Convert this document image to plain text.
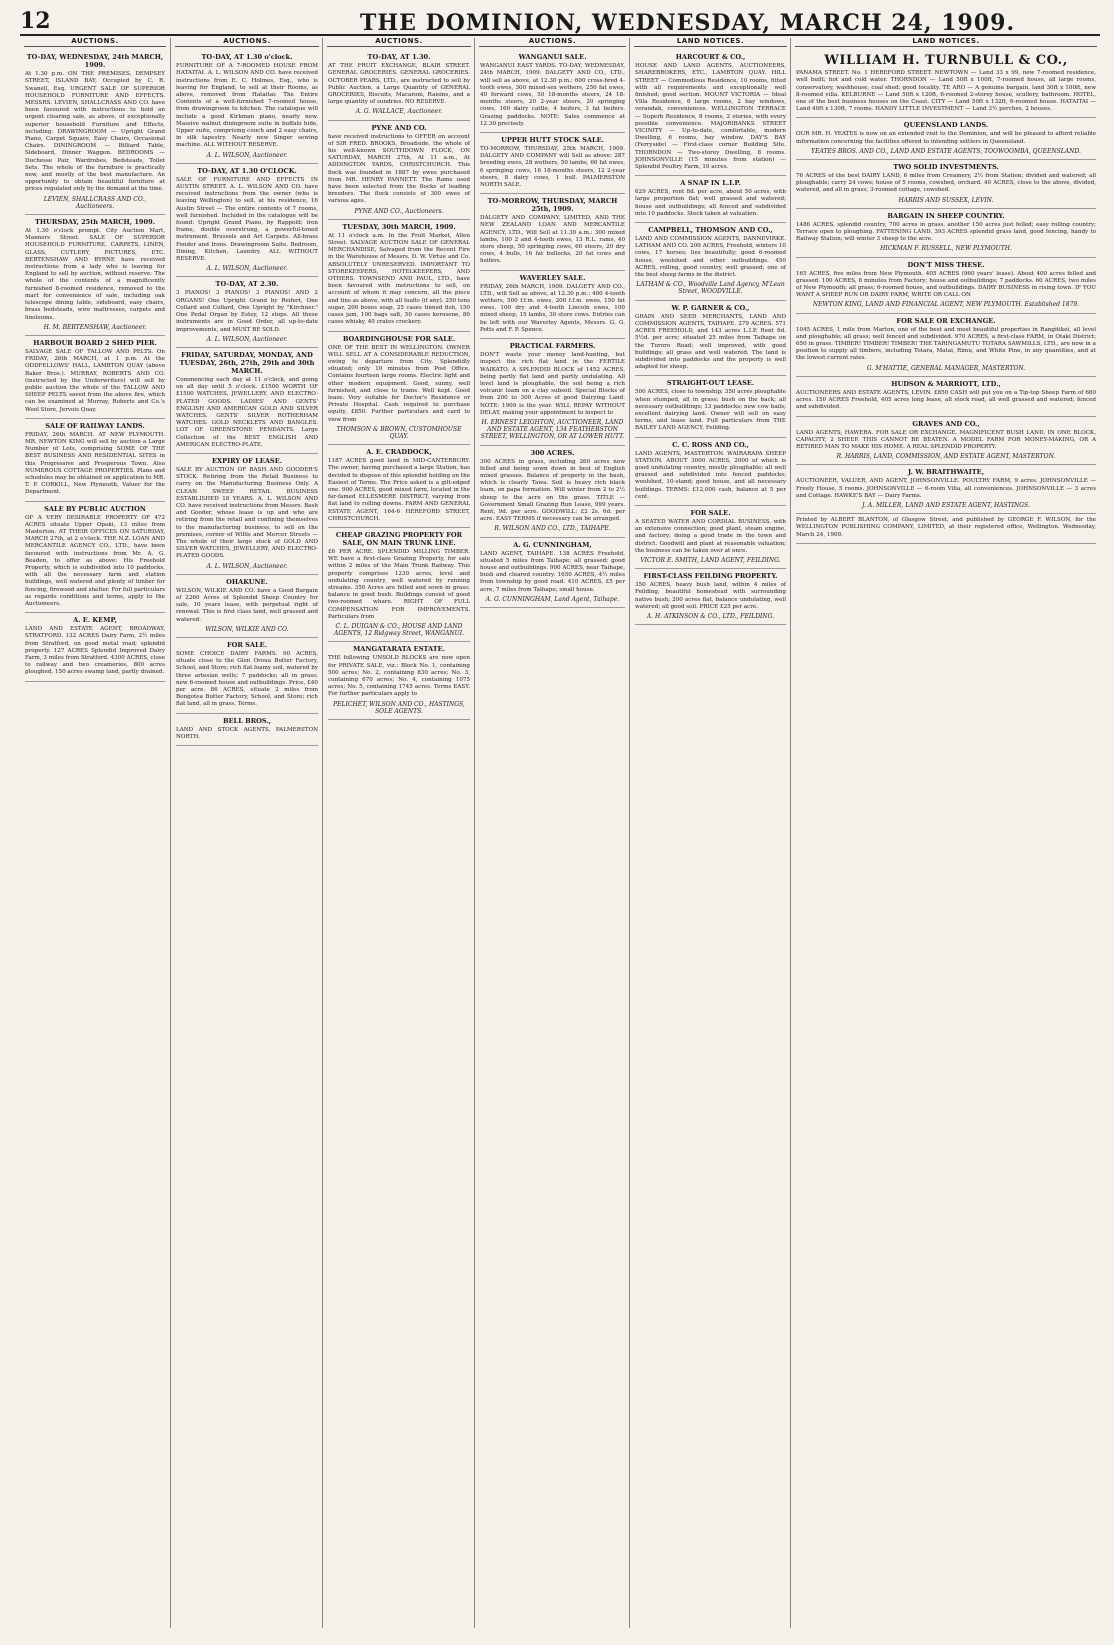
12	THE DOMINION, WEDNESDAY, MARCH 24, 1909.
AUCTIONS.
TO-DAY, WEDNESDAY, 24th MARCH, 1909.
At 1.30 p.m. ON THE PREMISES, DEMPSEY STREET, ISLAND BAY, Occupied by C. R. Swanell, Esq. URGENT SALE OF SUPERIOR HOUSEHOLD FURNITURE AND EFFECTS. MESSRS. LEVIEN, SHALLCRASS AND CO. have been favoured with instructions to hold an urgent clearing sale, as above, of exceptionally superior household Furniture and Effects, including: DRAWINGROOM — Upright Grand Piano, Carpet Square, Easy Chairs, Occasional Chairs. DININGROOM — Billiard Table, Sideboard, Dinner Waggon. BEDROOMS — Duchesse Pair, Wardrobes, Bedsteads, Toilet Sets. The whole of the furniture is practically new, and mostly of the best manufacture. An opportunity to obtain beautiful furniture at prices regulated only by the demand at the time.
LEVIEN, SHALLCRASS AND CO., Auctioneers.
THURSDAY, 25th MARCH, 1909.
At 1.30 o'clock prompt. City Auction Mart, Manners Street. SALE OF SUPERIOR HOUSEHOLD FURNITURE, CARPETS, LINEN, GLASS, CUTLERY, PICTURES, ETC. BERTENSHAW AND BYRNE have received instructions from a lady who is leaving for England to sell by auction, without reserve: The whole of the contents of a magnificently furnished 8-roomed residence, removed to the mart for convenience of sale, including oak telescope dining table, sideboard, easy chairs, brass bedsteads, wire mattresses, carpets and linoleums.
H. M. BERTENSHAW, Auctioneer.
HARBOUR BOARD 2 SHED PIER.
SALVAGE SALE OF TALLOW AND PELTS. On FRIDAY, 26th MARCH, at 1 p.m. At the ODDFELLOWS' HALL, LAMBTON QUAY (above Baker Bros.). MURRAY, ROBERTS AND CO. (instructed by the Underwriters) will sell by public auction the whole of the TALLOW AND SHEEP PELTS saved from the above fire, which can be examined at Murray, Roberts and Co.'s Wool Store, Jervois Quay.
SALE OF RAILWAY LANDS.
FRIDAY, 26th MARCH. AT NEW PLYMOUTH. MR. NEWTON KING will sell by auction a Large Number of Lots, comprising SOME OF THE BEST BUSINESS AND RESIDENTIAL SITES in this Progressive and Prosperous Town. Also NUMEROUS COTTAGE PROPERTIES. Plans and schedules may be obtained on application to MR. T. P. CORKILL, New Plymouth, Valuer for the Department.
SALE BY PUBLIC AUCTION
OF A VERY DESIRABLE PROPERTY OF 472 ACRES situate Upper Opaki, 13 miles from Masterton. AT THEIR OFFICES ON SATURDAY, MARCH 27th, at 2 o'clock. THE N.Z. LOAN AND MERCANTILE AGENCY CO., LTD., have been favoured with instructions from Mr. A. G. Beaden, to offer as above: His Freehold Property, which is subdivided into 10 paddocks, with all the necessary farm and station buildings, well watered and plenty of timber for fencing, firewood and shelter. For full particulars as regards conditions and terms, apply to the Auctioneers.
A. E. KEMP,
LAND AND ESTATE AGENT, BROADWAY, STRATFORD. 132 ACRES Dairy Farm, 2½ miles from Stratford, on good metal road; splendid property. 127 ACRES Splendid Improved Dairy Farm, 3 miles from Stratford. 4300 ACRES, close to railway and two creameries, 800 acres ploughed, 150 acres swamp land, partly drained.
AUCTIONS.
TO-DAY, AT 1.30 o'clock.
FURNITURE OF A 7-ROOMED HOUSE FROM HATAITAI. A. L. WILSON AND CO. have received instructions from E. C. Holmes, Esq., who is leaving for England, to sell at their Rooms, as above, removed from Hataitai: The Entire Contents of a well-furnished 7-roomed house, from drawingroom to kitchen. The catalogue will include a good Kirkman piano, nearly new. Massive walnut diningroom suite in buffalo hide, Upper suite, comprising couch and 2 easy chairs, in silk tapestry. Nearly new Singer sewing machine. ALL WITHOUT RESERVE.
A. L. WILSON, Auctioneer.
TO-DAY, AT 1.30 O'CLOCK.
SALE OF FURNITURE AND EFFECTS IN AUSTIN STREET. A. L. WILSON AND CO. have received instructions from the owner (who is leaving Wellington) to sell, at his residence, 16 Austin Street — The entire contents of 7 rooms, well furnished. Included in the catalogue will be found: Upright Grand Piano, by Rappold; iron frame, double overstrung, a powerful-toned instrument. Brussels and Art Carpets. All-brass Fender and Irons. Drawingroom Suite. Bedroom, Dining, Kitchen, Laundry. ALL WITHOUT RESERVE.
A. L. WILSON, Auctioneer.
TO-DAY, AT 2.30.
3 PIANOS! 3 PIANOS! 3 PIANOS! AND 2 ORGANS! One Upright Grand by Reifert, One Collard and Collard, One Upright by "Kirchner." One Pedal Organ by Estey, 12 stops. All these instruments are in Good Order, all up-to-date improvements, and MUST BE SOLD.
A. L. WILSON, Auctioneer.
FRIDAY, SATURDAY, MONDAY, AND TUESDAY, 26th, 27th, 29th and 30th MARCH.
Commencing each day at 11 o'clock, and going on all day until 5 o'clock. £1500 WORTH OF £1500 WATCHES, JEWELLERY, AND ELECTRO-PLATED GOODS. LADIES' AND GENTS' ENGLISH AND AMERICAN GOLD AND SILVER WATCHES. GENTS' SILVER ROTHERHAM WATCHES. GOLD NECKLETS AND BANGLES. LOT OF GREENSTONE PENDANTS. Large Collection of the BEST ENGLISH AND AMERICAN ELECTRO-PLATE.
EXPIRY OF LEASE.
SALE BY AUCTION OF BASH AND GOODER'S STOCK. Retiring from the Retail Business to carry on the Manufacturing Business Only. A CLEAN SWEEP. RETAIL BUSINESS ESTABLISHED 18 YEARS. A. L. WILSON AND CO. have received instructions from Messrs. Bash and Gooder, whose lease is up and who are retiring from the retail and confining themselves to the manufacturing business, to sell on the premises, corner of Willis and Mercer Streets — The whole of their large stock of GOLD AND SILVER WATCHES, JEWELLERY, AND ELECTRO-PLATED GOODS.
A. L. WILSON, Auctioneer.
OHAKUNE.
WILSON, WILKIE AND CO. have a Good Bargain of 2260 Acres of Splendid Sheep Country for sale, 10 years lease, with perpetual right of renewal. This is first class land, well grassed and watered.
WILSON, WILKIE AND CO.
FOR SALE.
SOME CHOICE DAIRY FARMS. 90 ACRES, situate close to the Glen Oroua Butter Factory, School, and Store; rich flat loamy soil, watered by three artesian wells; 7 paddocks; all in grass; new 6-roomed house and outbuildings. Price, £40 per acre. 86 ACRES, situate 2 miles from Bongotea Butter Factory, School, and Store; rich flat land, all in grass. Terms.
BELL BROS.,
LAND AND STOCK AGENTS, PALMERSTON NORTH.
AUCTIONS.
TO-DAY, AT 1.30.
AT THE FRUIT EXCHANGE, BLAIR STREET. GENERAL GROCERIES. GENERAL GROCERIES. OCTOBER PEARS, LTD., are instructed to sell by Public Auction, a Large Quantity of GENERAL GROCERIES, Biscuits, Macaroni, Raisins, and a large quantity of sundries. NO RESERVE.
A. G. WALLACE, Auctioneer.
PYNE AND CO.
have received instructions to OFFER on account of SIR FRED. BROOKS, Broadside, the whole of his well-known SOUTHDOWN FLOCK, ON SATURDAY, MARCH 27th, At 11 a.m., At ADDINGTON YARDS, CHRISTCHURCH. This flock was founded in 1887 by ewes purchased from MR. HENRY PANNETT. The Rams used have been selected from the flocks of leading breeders. The flock consists of 300 ewes of various ages.
PYNE AND CO., Auctioneers.
TUESDAY, 30th MARCH, 1909.
At 11 o'clock a.m. In the Fruit Market, Allen Street. SALVAGE AUCTION SALE OF GENERAL MERCHANDISE, Salvaged from the Recent Fire in the Warehouse of Messrs. D. W. Virtue and Co. ABSOLUTELY UNRESERVED. IMPORTANT TO STOREKEEPERS, HOTELKEEPERS, AND OTHERS. TOWNSEND AND PAUL, LTD., have been favoured with instructions to sell, on account of whom it may concern, all the piece and tins as above, with all faults (if any). 250 tons sugar, 200 boxes soap, 25 cases tinned fish, 150 cases jam, 100 bags salt, 50 cases kerosene, 80 cases whisky, 40 crates crockery.
BOARDINGHOUSE FOR SALE.
ONE OF THE BEST IN WELLINGTON. OWNER WILL SELL AT A CONSIDERABLE REDUCTION, owing to departure from City. Splendidly situated; only 10 minutes from Post Office. Contains fourteen large rooms. Electric light and other modern equipment. Good, sunny, well furnished, and close to trams. Well kept. Good lease. Very suitable for Doctor's Residence or Private Hospital. Cash required to purchase equity, £850. Further particulars and card to view from
THOMSON & BROWN, CUSTOMHOUSE QUAY.
A. E. CRADDOCK,
1187 ACRES good land in MID-CANTERBURY. The owner, having purchased a large Station, has decided to dispose of this splendid holding on the Easiest of Terms. The Price asked is a gilt-edged one. 900 ACRES, good mixed farm, located in the far-famed ELLESMERE DISTRICT, varying from flat land to rolling downs. FARM AND GENERAL ESTATE AGENT, 164-6 HEREFORD STREET, CHRISTCHURCH.
CHEAP GRAZING PROPERTY FOR SALE, ON MAIN TRUNK LINE.
£6 PER ACRE. SPLENDID MILLING TIMBER. WE have a first-class Grazing Property, for sale within 2 miles of the Main Trunk Railway. This property comprises 1230 acres, level and undulating country, well watered by running streams. 350 Acres are felled and sown in grass; balance in good bush. Buildings consist of good two-roomed whare. RIGHT OF FULL COMPENSATION FOR IMPROVEMENTS. Particulars from
C. L. DUIGAN & CO., HOUSE AND LAND AGENTS, 12 Ridgway Street, WANGANUI.
MANGATARATA ESTATE.
THE following UNSOLD BLOCKS are now open for PRIVATE SALE, viz.: Block No. 1, containing 500 acres; No. 2, containing 830 acres; No. 3, containing 670 acres; No. 4, containing 1075 acres; No. 5, containing 1745 acres. Terms EASY. For further particulars apply to
PELICHET, WILSON AND CO., HASTINGS, SOLE AGENTS.
AUCTIONS.
WANGANUI SALE.
WANGANUI EAST YARDS. TO-DAY, WEDNESDAY, 24th MARCH, 1909. DALGETY AND CO., LTD., will sell as above, at 12.30 p.m.: 600 cross-bred 4-tooth ewes, 300 mixed-sex wethers, 250 fat ewes, 40 forward cows, 50 18-months steers, 24 18-months steers, 20 2-year steers, 20 springing cows, 160 dairy cattle, 4 heifers, 3 fat heifers. Grazing paddocks. NOTE: Sales commence at 12.30 precisely.
UPPER HUTT STOCK SALE.
TO-MORROW, THURSDAY, 25th MARCH, 1909. DALGETY AND COMPANY will Sell as above: 287 breeding ewes, 28 wethers, 50 lambs, 60 fat ewes, 6 springing cows, 16 18-months steers, 12 2-year steers, 8 dairy cows, 1 bull. PALMERSTON NORTH SALE.
TO-MORROW, THURSDAY, MARCH 25th, 1909.
DALGETY AND COMPANY, LIMITED, AND THE NEW ZEALAND LOAN AND MERCANTILE AGENCY, LTD., Will Sell at 11.30 a.m.: 300 mixed lambs, 100 2 and 4-tooth ewes, 13 R.L. rams, 40 store sheep, 50 springing cows, 60 steers, 20 dry cows, 4 bulls, 16 fat bullocks, 20 fat cows and heifers.
WAVERLEY SALE.
FRIDAY, 26th MARCH, 1909. DALGETY AND CO., LTD., will Sell as above, at 12.30 p.m.: 400 4-tooth wethers, 500 f.f.m. ewes, 200 f.f.m. ewes, 150 fat ewes, 100 dry and 4-tooth Lincoln ewes, 100 mixed sheep, 15 lambs, 30 store cows. Entries can be left with our Waverley Agents, Messrs. G. G. Potts and F. P. Spence.
PRACTICAL FARMERS.
DON'T waste your money land-hunting, but inspect the rich flat land in the FERTILE WAIKATO. A SPLENDID BLOCK of 1452 ACRES, being partly flat land and partly undulating. All level land is ploughable, the soil being a rich volcanic loam on a clay subsoil. Special Blocks of from 200 to 300 Acres of good Dairying Land. NOTE: 1909 is the year. WILL REPAY WITHOUT DELAY, making your appointment to inspect to
H. ERNEST LEIGHTON, AUCTIONEER, LAND AND ESTATE AGENT, 134 FEATHERSTON STREET, WELLINGTON, OR AT LOWER HUTT.
300 ACRES.
300 ACRES in grass, including 260 acres now felled and being sown down in best of English mixed grasses. Balance of property in the bush, which is clearly Tawa. Soil is heavy rich black loam, on papa formation. Will winter from 2 to 2½ sheep to the acre on the grass. TITLE — Government Small Grazing Run Lease, 999 years. Rent, 9d. per acre. GOODWILL: £2 2s. 6d. per acre. EASY TERMS if necessary can be arranged.
R. WILSON AND CO., LTD., TAIHAPE.
A. G. CUNNINGHAM,
LAND AGENT, TAIHAPE. 138 ACRES Freehold, situated 5 miles from Taihape; all grassed; good house and outbuildings. 900 ACRES, near Taihape, bush and cleared country. 1650 ACRES, 4½ miles from township by good road. 410 ACRES, £5 per acre, 7 miles from Taihape; small house.
A. G. CUNNINGHAM, Land Agent, Taihape.
LAND NOTICES.
HARCOURT & CO.,
HOUSE AND LAND AGENTS, AUCTIONEERS, SHAREBROKERS, ETC., LAMBTON QUAY. HILL STREET — Commodious Residence, 10 rooms, fitted with all requirements and exceptionally well finished; good section. MOUNT VICTORIA — Ideal Villa Residence, 6 large rooms, 2 bay windows, verandah, conveniences. WELLINGTON TERRACE — Superb Residence, 8 rooms, 2 stories, with every possible convenience. MAJORIBANKS STREET VICINITY — Up-to-date, comfortable, modern Dwelling, 6 rooms, bay window. DAY'S BAY (Ferryside) — First-class corner Building Site. THORNDON — Two-storey Dwelling, 8 rooms. JOHNSONVILLE (15 minutes from station) — Splendid Poultry Farm, 10 acres.
A SNAP IN L.I.P.
629 ACRES, rent 8d. per acre, about 50 acres, with large proportion flat; well grassed and watered; house and outbuildings; all fenced and subdivided into 10 paddocks. Stock taken at valuation.
CAMPBELL, THOMSON AND CO.,
LAND AND COMMISSION AGENTS, DANNEVIRKE. LATHAM AND CO. 200 ACRES, Freehold, winters 10 cows, 17 horses; lies beautifully; good 6-roomed house, woolshed and other outbuildings. 450 ACRES, rolling, good country, well grassed; one of the best sheep farms in the district.
LATHAM & CO., Woodville Land Agency, M'Lean Street, WOODVILLE.
W. P. GARNER & CO.,
GRAIN AND SEED MERCHANTS, LAND AND COMMISSION AGENTS, TAIHAPE. 279 ACRES. 571 ACRES FREEHOLD, and 143 acres L.I.P. Rent 6d. 5½d. per acre; situated 25 miles from Taihape on the Turoro Road; well improved, with good buildings; all grass and well watered. The land is subdivided into paddocks and the property is well adapted for sheep.
STRAIGHT-OUT LEASE.
500 ACRES, close to township; 350 acres ploughable when stumped, all in grass; bush on the back; all necessary outbuildings; 13 paddocks; new cow bails; excellent dairying land. Owner will sell on easy terms, and lease land. Full particulars from THE BAILEY LAND AGENCY, Feilding.
C. C. ROSS AND CO.,
LAND AGENTS, MASTERTON. WAIRARAPA SHEEP STATION. ABOUT 3000 ACRES, 2000 of which is good undulating country, mostly ploughable; all well grassed and subdivided into fenced paddocks; woolshed, 10-stand; good house, and all necessary buildings. TERMS: £12,000 cash, balance at 5 per cent.
FOR SALE.
A SEATED WATER AND CORDIAL BUSINESS, with an extensive connection; good plant, steam engine, and factory; doing a good trade in the town and district. Goodwill and plant at reasonable valuation; the business can be taken over at once.
VICTOR E. SMITH, LAND AGENT, FEILDING.
FIRST-CLASS FEILDING PROPERTY.
350 ACRES, heavy bush land, within 4 miles of Feilding, beautiful homestead with surrounding native bush; 200 acres flat, balance undulating, well watered; all good soil. PRICE £25 per acre.
A. H. ATKINSON & CO., LTD., FEILDING.
LAND NOTICES.
WILLIAM H. TURNBULL & CO.,
PANAMA STREET. No. 1 HEREFORD STREET. NEWTOWN — Land 33 x 99, new 7-roomed residence, well built; hot and cold water. THORNDON — Land 50ft x 100ft, 7-roomed house, all large rooms, conservatory, washhouse, coal shed; good locality. TE ARO — A genuine bargain, land 30ft x 100ft, new 8-roomed villa. KELBURNE — Land 50ft x 120ft, 6-roomed 2-storey house, scullery, bathroom. HOTEL, one of the best business houses on the Coast. CITY — Land 50ft x 132ft, 6-roomed house. HATAITAI — Land 40ft x 130ft, 7 rooms. HANDY LITTLE INVESTMENT — Land 3½ perches, 2 houses.
QUEENSLAND LANDS.
OUR MR. H. YEATES is now on an extended visit to the Dominion, and will be pleased to afford reliable information concerning the facilities offered to intending settlers in Queensland.
YEATES BROS. AND CO., LAND AND ESTATE AGENTS, TOOWOOMBA, QUEENSLAND.
TWO SOLID INVESTMENTS.
76 ACRES of the best DAIRY LAND, 6 miles from Creamery, 2½ from Station; divided and watered; all ploughable; carry 24 cows; house of 5 rooms, cowshed, orchard. 40 ACRES, close to the above, divided, watered, and all in grass; 3-roomed cottage, cowshed.
HARRIS AND SUSSEX, LEVIN.
BARGAIN IN SHEEP COUNTRY.
1486 ACRES, splendid country, 700 acres in grass, another 150 acres just felled; easy rolling country; Terrace open to ploughing. FATTENING LAND. 393 ACRES splendid grass land, good fencing, handy to Railway Station; will winter 3 sheep to the acre.
HICKMAN F. RUSSELL, NEW PLYMOUTH.
DON'T MISS THESE.
165 ACRES, five miles from New Plymouth. 405 ACRES (960 years' lease). About 400 acres felled and grassed. 100 ACRES, 8 minutes from Factory; house and outbuildings; 7 paddocks. 60 ACRES, two miles of New Plymouth; all grass; 6-roomed house, and outbuildings. DAIRY BUSINESS in rising town. IF YOU WANT A SHEEP RUN OR DAIRY FARM, WRITE OR CALL ON
NEWTON KING, LAND AND FINANCIAL AGENT, NEW PLYMOUTH. Established 1879.
FOR SALE OR EXCHANGE.
1045 ACRES, 1 mile from Marton, one of the best and most beautiful properties in Rangitikei, all level and ploughable; all grass; well fenced and subdivided. 970 ACRES, a first-class FARM, in Otaki District; 650 in grass. TIMBER! TIMBER! TIMBER! THE TARINGAMUTU TOTARA SAWMILLS, LTD., are now in a position to supply all timbers, including Totara, Matai, Rimu, and White Pine, in any quantities, and at the lowest current rates.
G. M'HATTIE, GENERAL MANAGER, MASTERTON.
HUDSON & MARRIOTT, LTD.,
AUCTIONEERS AND ESTATE AGENTS, LEVIN. £850 CASH will put you on a Tip-top Sheep Farm of 680 acres. 150 ACRES Freehold, 405 acres long lease, all stock road, all well grassed and watered; fenced and subdivided.
GRAVES AND CO.,
LAND AGENTS, HAWERA. FOR SALE OR EXCHANGE. MAGNIFICENT BUSH LAND, IN ONE BLOCK, CAPACITY, 2 SHEEP. THIS CANNOT BE BEATEN. A MODEL FARM FOR MONEY-MAKING, OR A RETIRED MAN TO MAKE HIS HOME. A REAL SPLENDID PROPERTY.
R. HARRIS, LAND, COMMISSION, AND ESTATE AGENT, MASTERTON.
J. W. BRAITHWAITE,
AUCTIONEER, VALUER, AND AGENT, JOHNSONVILLE. POULTRY FARM, 9 acres. JOHNSONVILLE — Freely House, 5 rooms. JOHNSONVILLE — 6-room Villa, all conveniences. JOHNSONVILLE — 3 acres and Cottage. HAWKE'S BAY — Dairy Farms.
J. A. MILLER, LAND AND ESTATE AGENT, HASTINGS.
Printed by ALBERT BLANTON, of Glasgow Street, and published by GEORGE F. WILSON, for the WELLINGTON PUBLISHING COMPANY, LIMITED, at their registered office, Wellington. Wednesday, March 24, 1909.
